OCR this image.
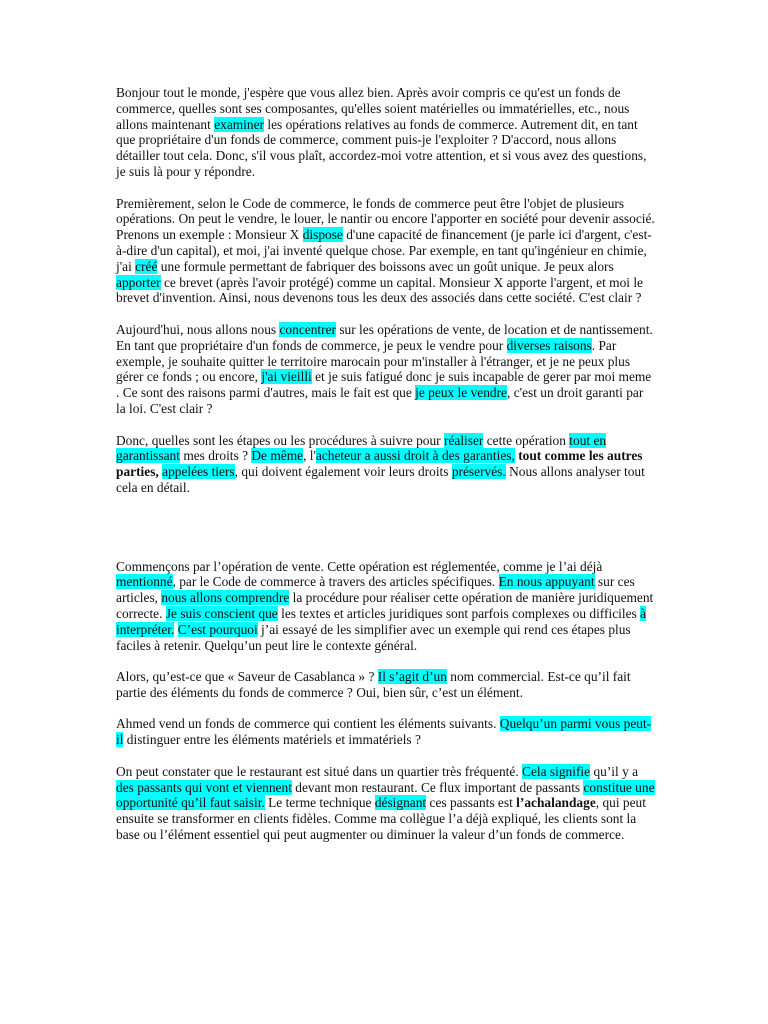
Bonjour tout le monde, j'espère que vous allez bien. Après avoir compris ce qu'est un fonds de commerce, quelles sont ses composantes, qu'elles soient matérielles ou immatérielles, etc., nous allons maintenant examiner les opérations relatives au fonds de commerce. Autrement dit, en tant que propriétaire d'un fonds de commerce, comment puis-je l'exploiter ? D'accord, nous allons détailler tout cela. Donc, s'il vous plaît, accordez-moi votre attention, et si vous avez des questions, je suis là pour y répondre.

Premièrement, selon le Code de commerce, le fonds de commerce peut être l'objet de plusieurs opérations. On peut le vendre, le louer, le nantir ou encore l'apporter en société pour devenir associé. Prenons un exemple : Monsieur X dispose d'une capacité de financement (je parle ici d'argent, c'est-à-dire d'un capital), et moi, j'ai inventé quelque chose. Par exemple, en tant qu'ingénieur en chimie, j'ai créé une formule permettant de fabriquer des boissons avec un goût unique. Je peux alors apporter ce brevet (après l'avoir protégé) comme un capital. Monsieur X apporte l'argent, et moi le brevet d'invention. Ainsi, nous devenons tous les deux des associés dans cette société. C'est clair ?

Aujourd'hui, nous allons nous concentrer sur les opérations de vente, de location et de nantissement. En tant que propriétaire d'un fonds de commerce, je peux le vendre pour diverses raisons. Par exemple, je souhaite quitter le territoire marocain pour m'installer à l'étranger, et je ne peux plus gérer ce fonds ; ou encore, j'ai vieilli et je suis fatigué donc je suis incapable de gerer par moi meme . Ce sont des raisons parmi d'autres, mais le fait est que je peux le vendre, c'est un droit garanti par la loi. C'est clair ?

Donc, quelles sont les étapes ou les procédures à suivre pour réaliser cette opération tout en garantissant mes droits ? De même, l'acheteur a aussi droit à des garanties, tout comme les autres parties, appelées tiers, qui doivent également voir leurs droits préservés. Nous allons analyser tout cela en détail.

Commençons par l’opération de vente. Cette opération est réglementée, comme je l’ai déjà mentionné, par le Code de commerce à travers des articles spécifiques. En nous appuyant sur ces articles, nous allons comprendre la procédure pour réaliser cette opération de manière juridiquement correcte. Je suis conscient que les textes et articles juridiques sont parfois complexes ou difficiles à interpréter. C’est pourquoi j’ai essayé de les simplifier avec un exemple qui rend ces étapes plus faciles à retenir. Quelqu’un peut lire le contexte général.

Alors, qu’est-ce que « Saveur de Casablanca » ? Il s’agit d’un nom commercial. Est-ce qu’il fait partie des éléments du fonds de commerce ? Oui, bien sûr, c’est un élément.

Ahmed vend un fonds de commerce qui contient les éléments suivants. Quelqu’un parmi vous peut-il distinguer entre les éléments matériels et immatériels ?

On peut constater que le restaurant est situé dans un quartier très fréquenté. Cela signifie qu’il y a des passants qui vont et viennent devant mon restaurant. Ce flux important de passants constitue une opportunité qu’il faut saisir. Le terme technique désignant ces passants est l’achalandage, qui peut ensuite se transformer en clients fidèles. Comme ma collègue l’a déjà expliqué, les clients sont la base ou l’élément essentiel qui peut augmenter ou diminuer la valeur d’un fonds de commerce.
